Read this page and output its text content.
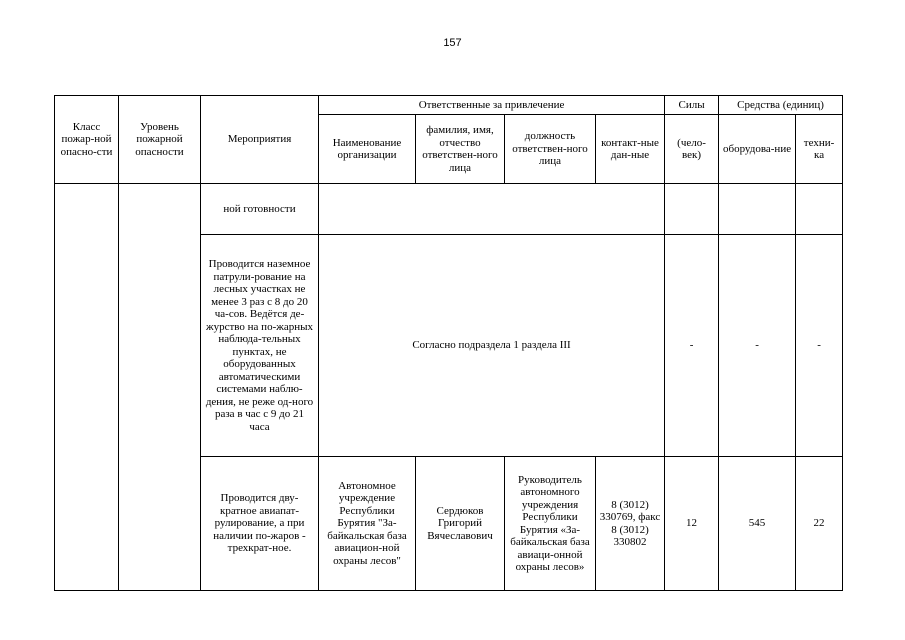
157
Класс пожар-ной опасно-сти	Уровень пожарной опасности	Мероприятия	Ответственные за привлечение				Силы	Средства (единиц)	
			Наименование организации	фамилия, имя, отчество ответствен-ного лица	должность ответствен-ного лица	контакт-ные дан-ные	(чело-век)	оборудова-ние	техни-ка
		ной готовности							
		Проводится наземное патрули-рование на лесных участках не менее 3 раз с 8 до 20 ча-сов. Ведётся де-журство на по-жарных наблюда-тельных пунктах, не оборудованных автоматическими системами наблю-дения, не реже од-ного раза в час с 9 до 21 часа	Согласно подраздела 1 раздела III				-	-	-
		Проводится дву-кратное авиапат-рулирование, а при наличии по-жаров - трехкрат-ное.	Автономное учреждение Республики Бурятия "За-байкальская база авиацион-ной охраны лесов"	Сердюков Григорий Вячеславович	Руководитель автономного учреждения Республики Бурятия «За-байкальская база авиаци-онной охраны лесов»	8 (3012) 330769, факс 8 (3012) 330802	12	545	22
